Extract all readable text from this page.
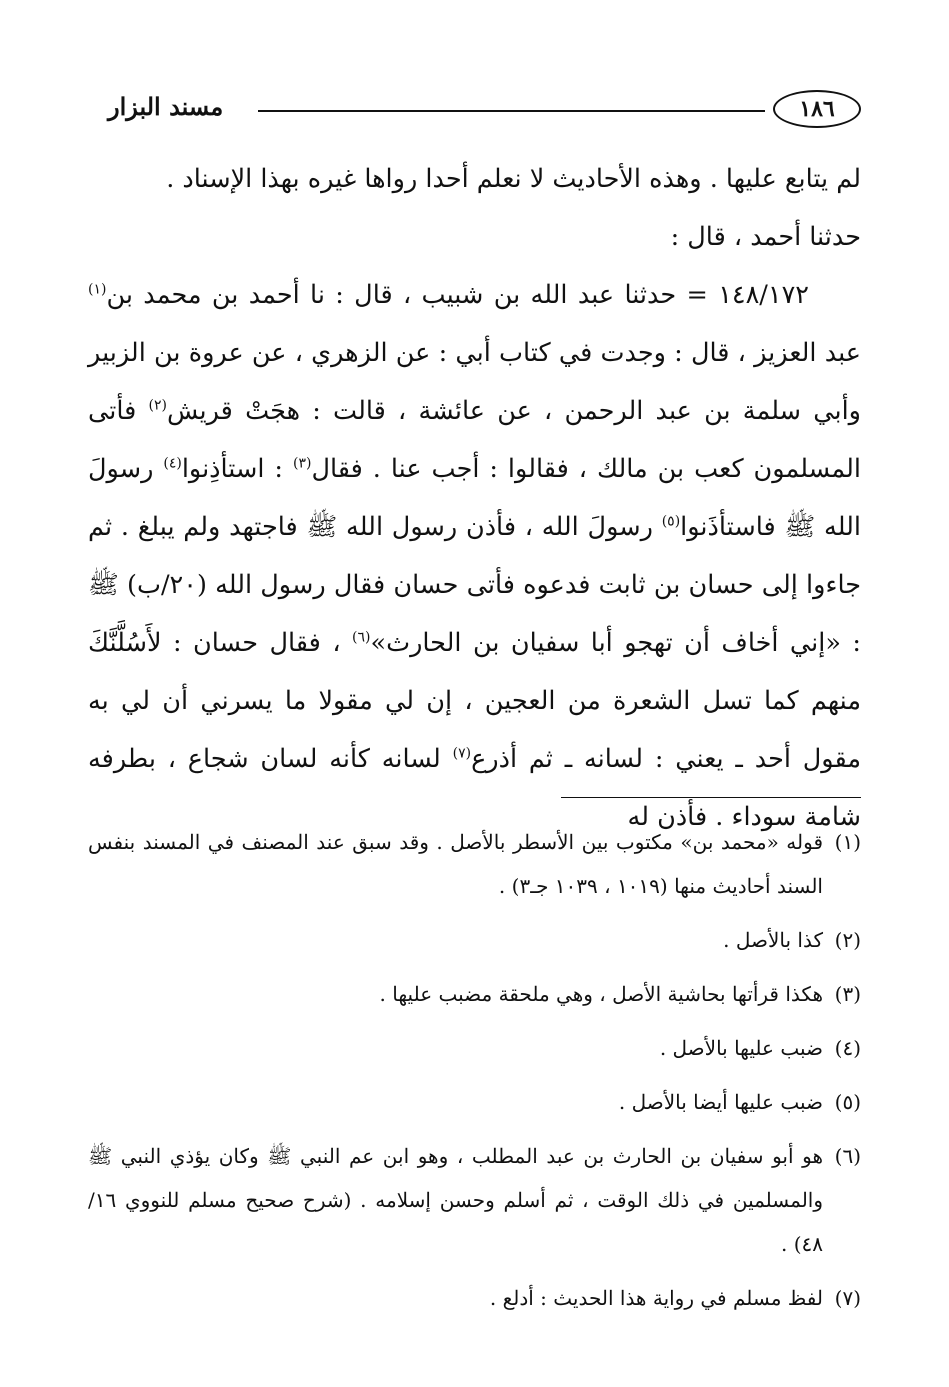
١٨٦
مسند البزار

لم يتابع عليها . وهذه الأحاديث لا نعلم أحدا رواها غيره بهذا الإسناد .

حدثنا أحمد ، قال :

١٤٨/١٧٢ = حدثنا عبد الله بن شبيب ، قال : نا أحمد بن محمد بن$^{(١)}$ عبد العزيز ، قال : وجدت في كتاب أبي : عن الزهري ، عن عروة بن الزبير وأبي سلمة بن عبد الرحمن ، عن عائشة ، قالت : هجَتْ قريش$^{(٢)}$ فأتى المسلمون كعب بن مالك ، فقالوا : أجب عنا . فقال$^{(٣)}$ : استأذِنوا$^{(٤)}$ رسولَ الله ﷺ فاستأذَنوا$^{(٥)}$ رسولَ الله ، فأذن رسول الله ﷺ فاجتهد ولم يبلغ . ثم جاءوا إلى حسان بن ثابت فدعوه فأتى حسان فقال رسول الله (٢٠/ب) ﷺ : «إني أخاف أن تهجو أبا سفيان بن الحارث»$^{(٦)}$ ، فقال حسان : لأَسُلَّنَّكَ منهم كما تسل الشعرة من العجين ، إن لي مقولا ما يسرني أن لي به مقول أحد ـ يعني : لسانه ـ ثم أذرع$^{(٧)}$ لسانه كأنه لسان شجاع ، بطرفه شامة سوداء . فأذن له

(١)قوله «محمد بن» مكتوب بين الأسطر بالأصل . وقد سبق عند المصنف في المسند بنفس السند أحاديث منها (١٠١٩ ، ١٠٣٩ جـ٣) .

(٢)كذا بالأصل .

(٣)هكذا قرأتها بحاشية الأصل ، وهي ملحقة مضبب عليها .

(٤)ضبب عليها بالأصل .

(٥)ضبب عليها أيضا بالأصل .

(٦)هو أبو سفيان بن الحارث بن عبد المطلب ، وهو ابن عم النبي ﷺ وكان يؤذي النبي ﷺ والمسلمين في ذلك الوقت ، ثم أسلم وحسن إسلامه . (شرح صحيح مسلم للنووي ١٦/ ٤٨) .

(٧)لفظ مسلم في رواية هذا الحديث : أدلع .
